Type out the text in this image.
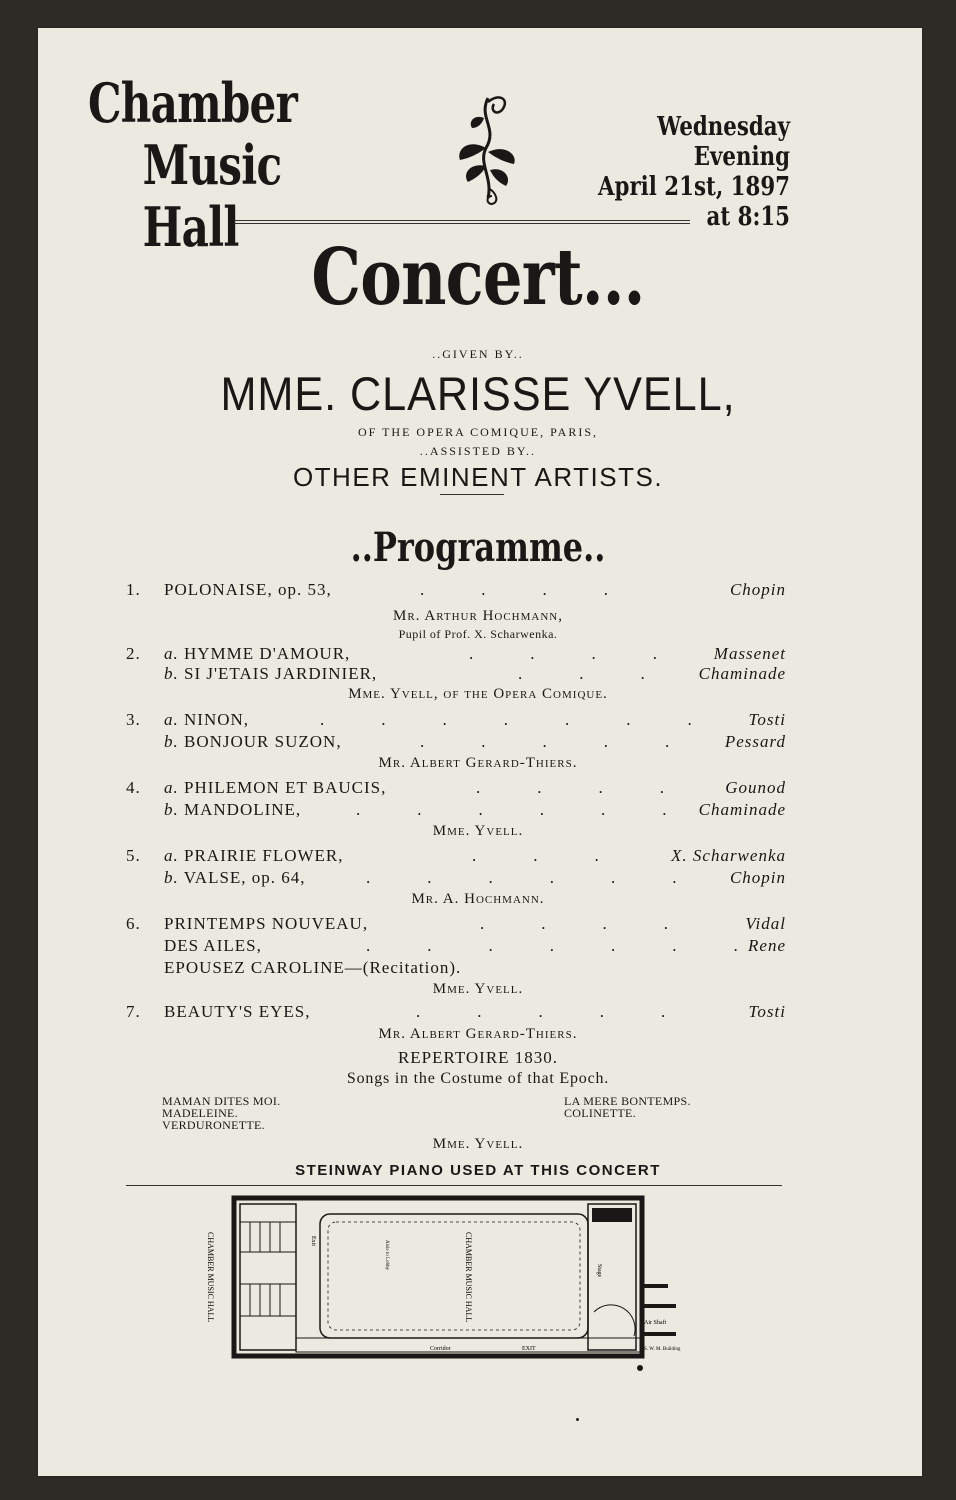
Chamber
Music Hall
Wednesday Evening
April 21st, 1897
at 8:15
Concert...
..GIVEN BY..
MME. CLARISSE YVELL,
OF THE OPERA COMIQUE, PARIS,
..ASSISTED BY..
OTHER EMINENT ARTISTS.
..Programme..
1. POLONAISE, op. 53,	.    .    .    .	Chopin
Mr. Arthur Hochmann,
Pupil of Prof. X. Scharwenka.
2. a. HYMME D'AMOUR,	.    .    .    .	Massenet
b. SI J'ETAIS JARDINIER,	.    .    .	Chaminade
Mme. Yvell, of the Opera Comique.
3. a. NINON,	.    .    .    .    .    .    .	Tosti
b. BONJOUR SUZON,	.    .    .    .    .	Pessard
Mr. Albert Gerard-Thiers.
4. a. PHILEMON ET BAUCIS,	.    .    .    .	Gounod
b. MANDOLINE,	.    .    .    .    .    .	Chaminade
Mme. Yvell.
5. a. PRAIRIE FLOWER,	.    .    .	X. Scharwenka
b. VALSE, op. 64,	.    .    .    .    .    .	Chopin
Mr. A. Hochmann.
6. PRINTEMPS NOUVEAU,	.    .    .    .	Vidal
DES AILES,	.    .    .    .    .    .    . Rene
EPOUSEZ CAROLINE—(Recitation).
Mme. Yvell.
7. BEAUTY'S EYES,	.    .    .    .    .	Tosti
Mr. Albert Gerard-Thiers.
REPERTOIRE 1830.
Songs in the Costume of that Epoch.
MAMAN DITES MOI.
MADELEINE.
VERDURONETTE.
LA MERE BONTEMPS.
COLINETTE.
Mme. Yvell.
STEINWAY PIANO USED AT THIS CONCERT
CHAMBER MUSIC HALL	CHAMBER MUSIC HALL
Corridor	EXIT
Air Shaft
S. W. M. Building
Stage
Exit	Aisle to Lobby
